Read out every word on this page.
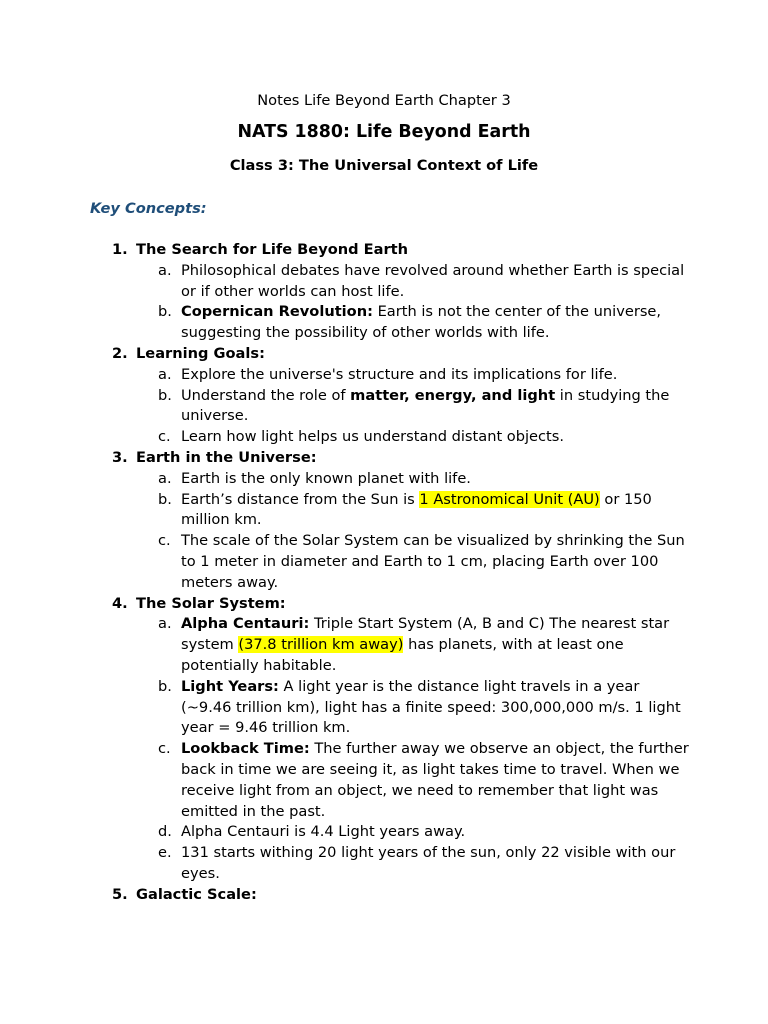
Notes Life Beyond Earth Chapter 3
NATS 1880: Life Beyond Earth
Class 3: The Universal Context of Life
Key Concepts:
1. The Search for Life Beyond Earth
a. Philosophical debates have revolved around whether Earth is special or if other worlds can host life.
b. Copernican Revolution: Earth is not the center of the universe, suggesting the possibility of other worlds with life.
2. Learning Goals:
a. Explore the universe's structure and its implications for life.
b. Understand the role of matter, energy, and light in studying the universe.
c. Learn how light helps us understand distant objects.
3. Earth in the Universe:
a. Earth is the only known planet with life.
b. Earth’s distance from the Sun is 1 Astronomical Unit (AU) or 150 million km.
c. The scale of the Solar System can be visualized by shrinking the Sun to 1 meter in diameter and Earth to 1 cm, placing Earth over 100 meters away.
4. The Solar System:
a. Alpha Centauri: Triple Start System (A, B and C) The nearest star system (37.8 trillion km away) has planets, with at least one potentially habitable.
b. Light Years: A light year is the distance light travels in a year (~9.46 trillion km), light has a finite speed: 300,000,000 m/s. 1 light year = 9.46 trillion km.
c. Lookback Time: The further away we observe an object, the further back in time we are seeing it, as light takes time to travel. When we receive light from an object, we need to remember that light was emitted in the past.
d. Alpha Centauri is 4.4 Light years away.
e. 131 starts withing 20 light years of the sun, only 22 visible with our eyes.
5. Galactic Scale:
